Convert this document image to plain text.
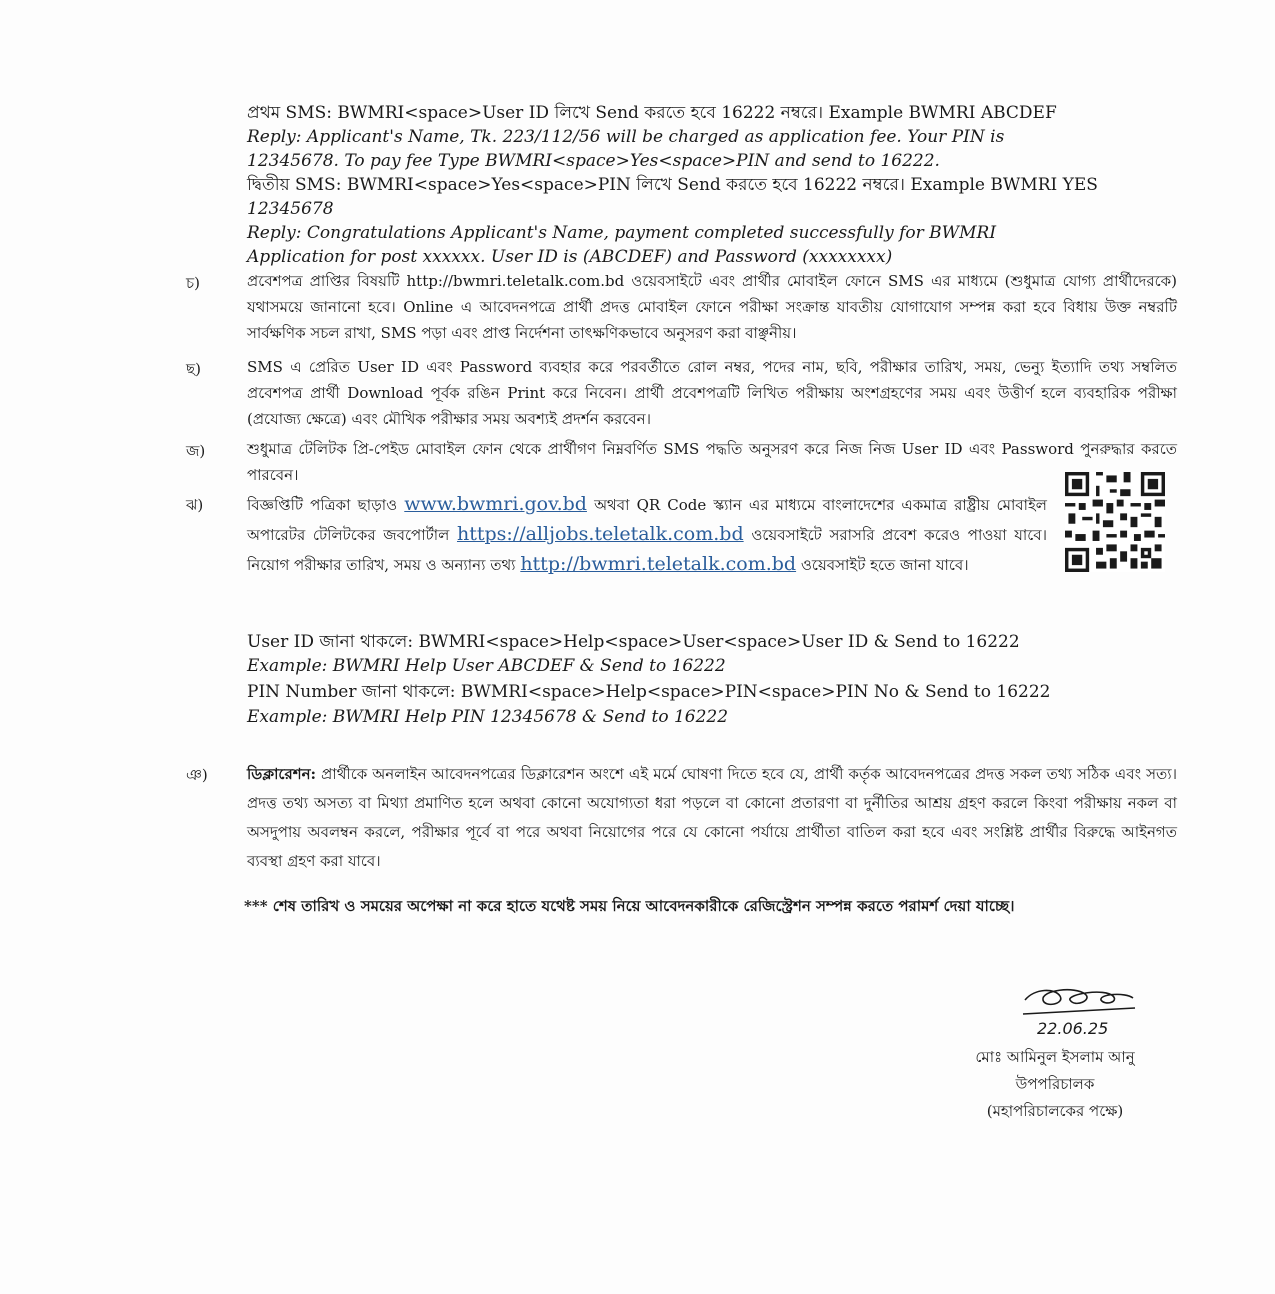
প্রথম SMS: BWMRI<space>User ID লিখে Send করতে হবে 16222 নম্বরে। Example BWMRI ABCDEF
Reply: Applicant's Name, Tk. 223/112/56 will be charged as application fee. Your PIN is
12345678. To pay fee Type BWMRI<space>Yes<space>PIN and send to 16222.
দ্বিতীয় SMS: BWMRI<space>Yes<space>PIN লিখে Send করতে হবে 16222 নম্বরে। Example BWMRI YES
12345678
Reply: Congratulations Applicant's Name, payment completed successfully for BWMRI
Application for post xxxxxx. User ID is (ABCDEF) and Password (xxxxxxxx)
চ)	প্রবেশপত্র প্রাপ্তির বিষয়টি http://bwmri.teletalk.com.bd ওয়েবসাইটে এবং প্রার্থীর মোবাইল ফোনে SMS এর মাধ্যমে (শুধুমাত্র যোগ্য প্রার্থীদেরকে) যথাসময়ে জানানো হবে। Online এ আবেদনপত্রে প্রার্থী প্রদত্ত মোবাইল ফোনে পরীক্ষা সংক্রান্ত যাবতীয় যোগাযোগ সম্পন্ন করা হবে বিধায় উক্ত নম্বরটি সার্বক্ষণিক সচল রাখা, SMS পড়া এবং প্রাপ্ত নির্দেশনা তাৎক্ষণিকভাবে অনুসরণ করা বাঞ্ছনীয়।
ছ)	SMS এ প্রেরিত User ID এবং Password ব্যবহার করে পরবর্তীতে রোল নম্বর, পদের নাম, ছবি, পরীক্ষার তারিখ, সময়, ভেন্যু ইত্যাদি তথ্য সম্বলিত প্রবেশপত্র প্রার্থী Download পূর্বক রঙিন Print করে নিবেন। প্রার্থী প্রবেশপত্রটি লিখিত পরীক্ষায় অংশগ্রহণের সময় এবং উত্তীর্ণ হলে ব্যবহারিক পরীক্ষা (প্রযোজ্য ক্ষেত্রে) এবং মৌখিক পরীক্ষার সময় অবশ্যই প্রদর্শন করবেন।
জ)	শুধুমাত্র টেলিটক প্রি-পেইড মোবাইল ফোন থেকে প্রার্থীগণ নিম্নবর্ণিত SMS পদ্ধতি অনুসরণ করে নিজ নিজ User ID এবং Password পুনরুদ্ধার করতে পারবেন।
ঝ)	বিজ্ঞপ্তিটি পত্রিকা ছাড়াও www.bwmri.gov.bd অথবা QR Code স্ক্যান এর মাধ্যমে বাংলাদেশের একমাত্র রাষ্ট্রীয় মোবাইল অপারেটর টেলিটকের জবপোর্টাল https://alljobs.teletalk.com.bd ওয়েবসাইটে সরাসরি প্রবেশ করেও পাওয়া যাবে। নিয়োগ পরীক্ষার তারিখ, সময় ও অন্যান্য তথ্য http://bwmri.teletalk.com.bd ওয়েবসাইট হতে জানা যাবে।
User ID জানা থাকলে: BWMRI<space>Help<space>User<space>User ID & Send to 16222
Example: BWMRI Help User ABCDEF & Send to 16222
PIN Number জানা থাকলে: BWMRI<space>Help<space>PIN<space>PIN No & Send to 16222
Example: BWMRI Help PIN 12345678 & Send to 16222
ঞ)	ডিক্লারেশন: প্রার্থীকে অনলাইন আবেদনপত্রের ডিক্লারেশন অংশে এই মর্মে ঘোষণা দিতে হবে যে, প্রার্থী কর্তৃক আবেদনপত্রের প্রদত্ত সকল তথ্য সঠিক এবং সত্য। প্রদত্ত তথ্য অসত্য বা মিথ্যা প্রমাণিত হলে অথবা কোনো অযোগ্যতা ধরা পড়লে বা কোনো প্রতারণা বা দুর্নীতির আশ্রয় গ্রহণ করলে কিংবা পরীক্ষায় নকল বা অসদুপায় অবলম্বন করলে, পরীক্ষার পূর্বে বা পরে অথবা নিয়োগের পরে যে কোনো পর্যায়ে প্রার্থীতা বাতিল করা হবে এবং সংশ্লিষ্ট প্রার্থীর বিরুদ্ধে আইনগত ব্যবস্থা গ্রহণ করা যাবে।
*** শেষ তারিখ ও সময়ের অপেক্ষা না করে হাতে যথেষ্ট সময় নিয়ে আবেদনকারীকে রেজিস্ট্রেশন সম্পন্ন করতে পরামর্শ দেয়া যাচ্ছে।
22.06.25
মোঃ আমিনুল ইসলাম আনু
উপপরিচালক
(মহাপরিচালকের পক্ষে)
